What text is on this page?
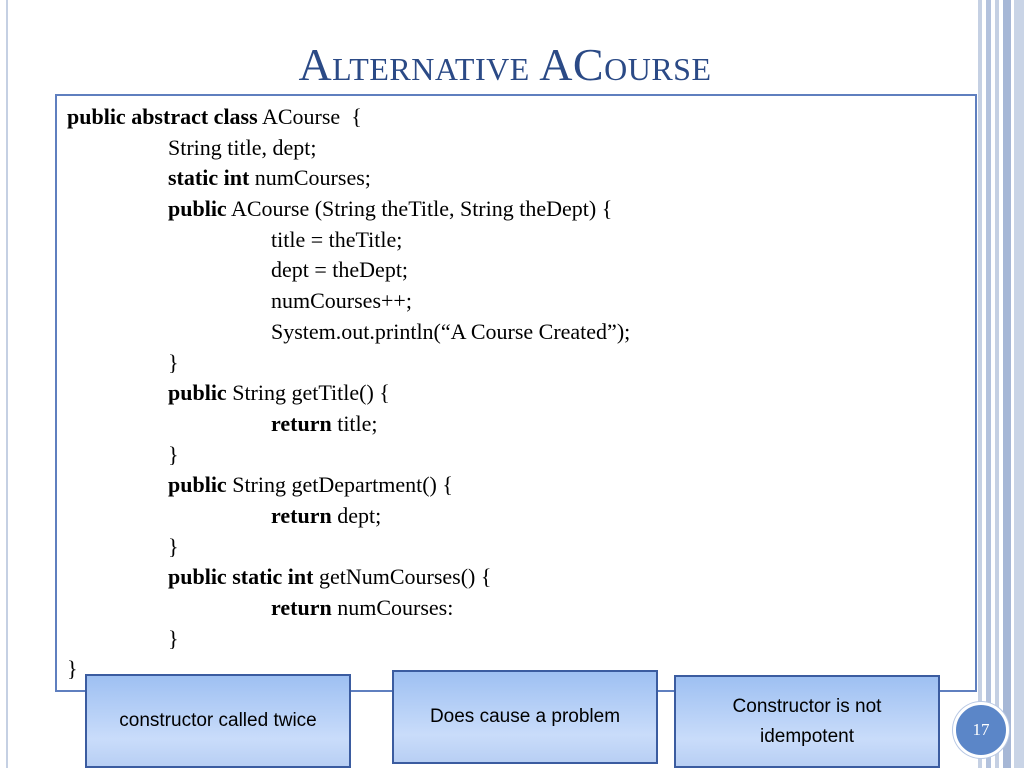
Alternative ACourse
public abstract class ACourse  {
String title, dept;
static int numCourses;
public ACourse (String theTitle, String theDept) {
title = theTitle;
dept = theDept;
numCourses++;
System.out.println(“A Course Created”);
}
public String getTitle() {
return title;
}
public String getDepartment() {
return dept;
}
public static int getNumCourses() {
return numCourses:
}
}
constructor called twice	Does cause a problem	Constructor is not idempotent	17
